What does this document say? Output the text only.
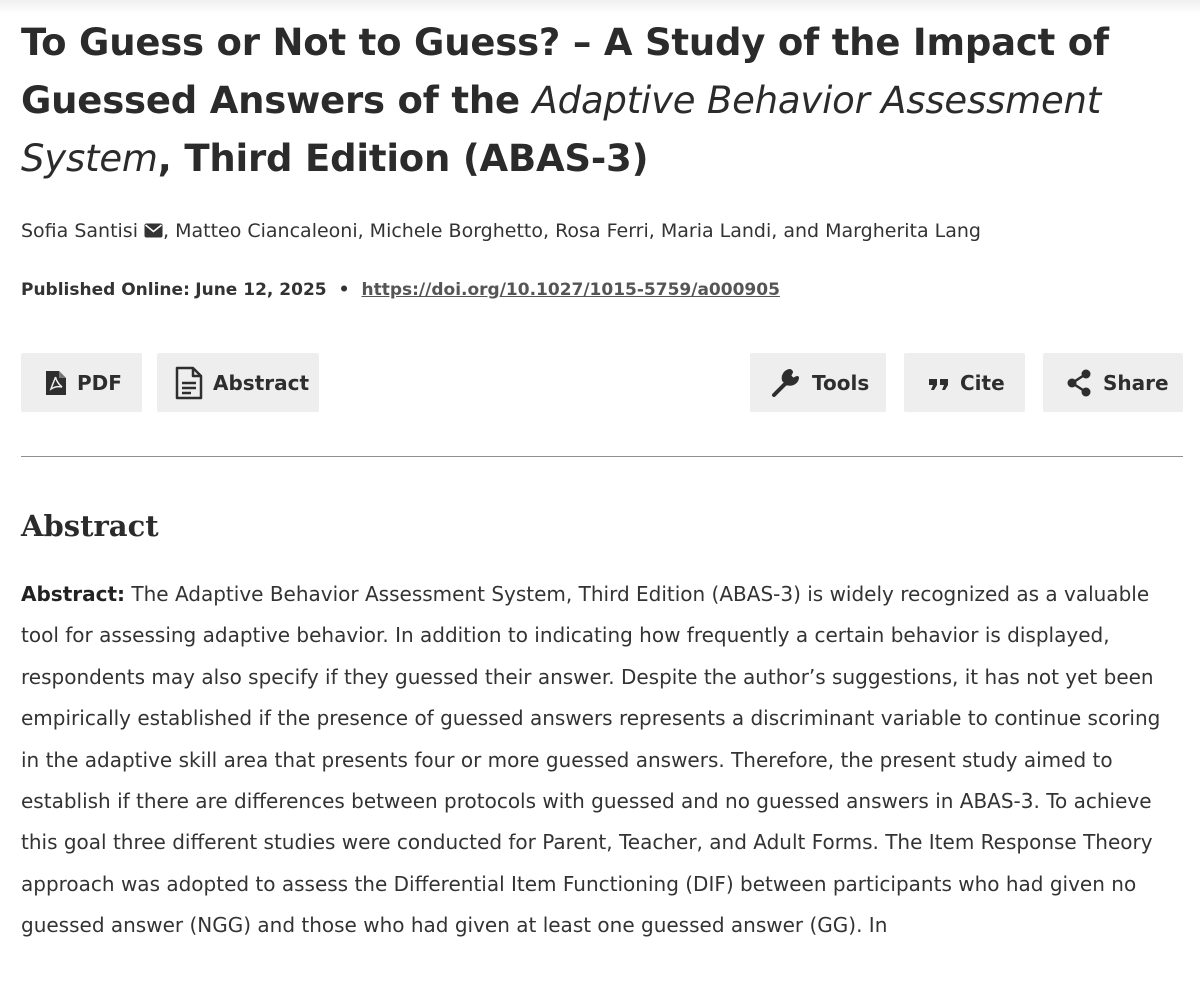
To Guess or Not to Guess? – A Study of the Impact of Guessed Answers of the Adaptive Behavior Assessment System, Third Edition (ABAS-3)
Sofia Santisi , Matteo Ciancaleoni, Michele Borghetto, Rosa Ferri, Maria Landi, and Margherita Lang
Published Online: June 12, 2025 • https://doi.org/10.1027/1015-5759/a000905
PDF	Abstract	Tools	Cite	Share
Abstract

Abstract: The Adaptive Behavior Assessment System, Third Edition (ABAS-3) is widely recognized as a valuable tool for assessing adaptive behavior. In addition to indicating how frequently a certain behavior is displayed, respondents may also specify if they guessed their answer. Despite the author’s suggestions, it has not yet been empirically established if the presence of guessed answers represents a discriminant variable to continue scoring in the adaptive skill area that presents four or more guessed answers. Therefore, the present study aimed to establish if there are differences between protocols with guessed and no guessed answers in ABAS-3. To achieve this goal three different studies were conducted for Parent, Teacher, and Adult Forms. The Item Response Theory approach was adopted to assess the Differential Item Functioning (DIF) between participants who had given no guessed answer (NGG) and those who had given at least one guessed answer (GG). In
